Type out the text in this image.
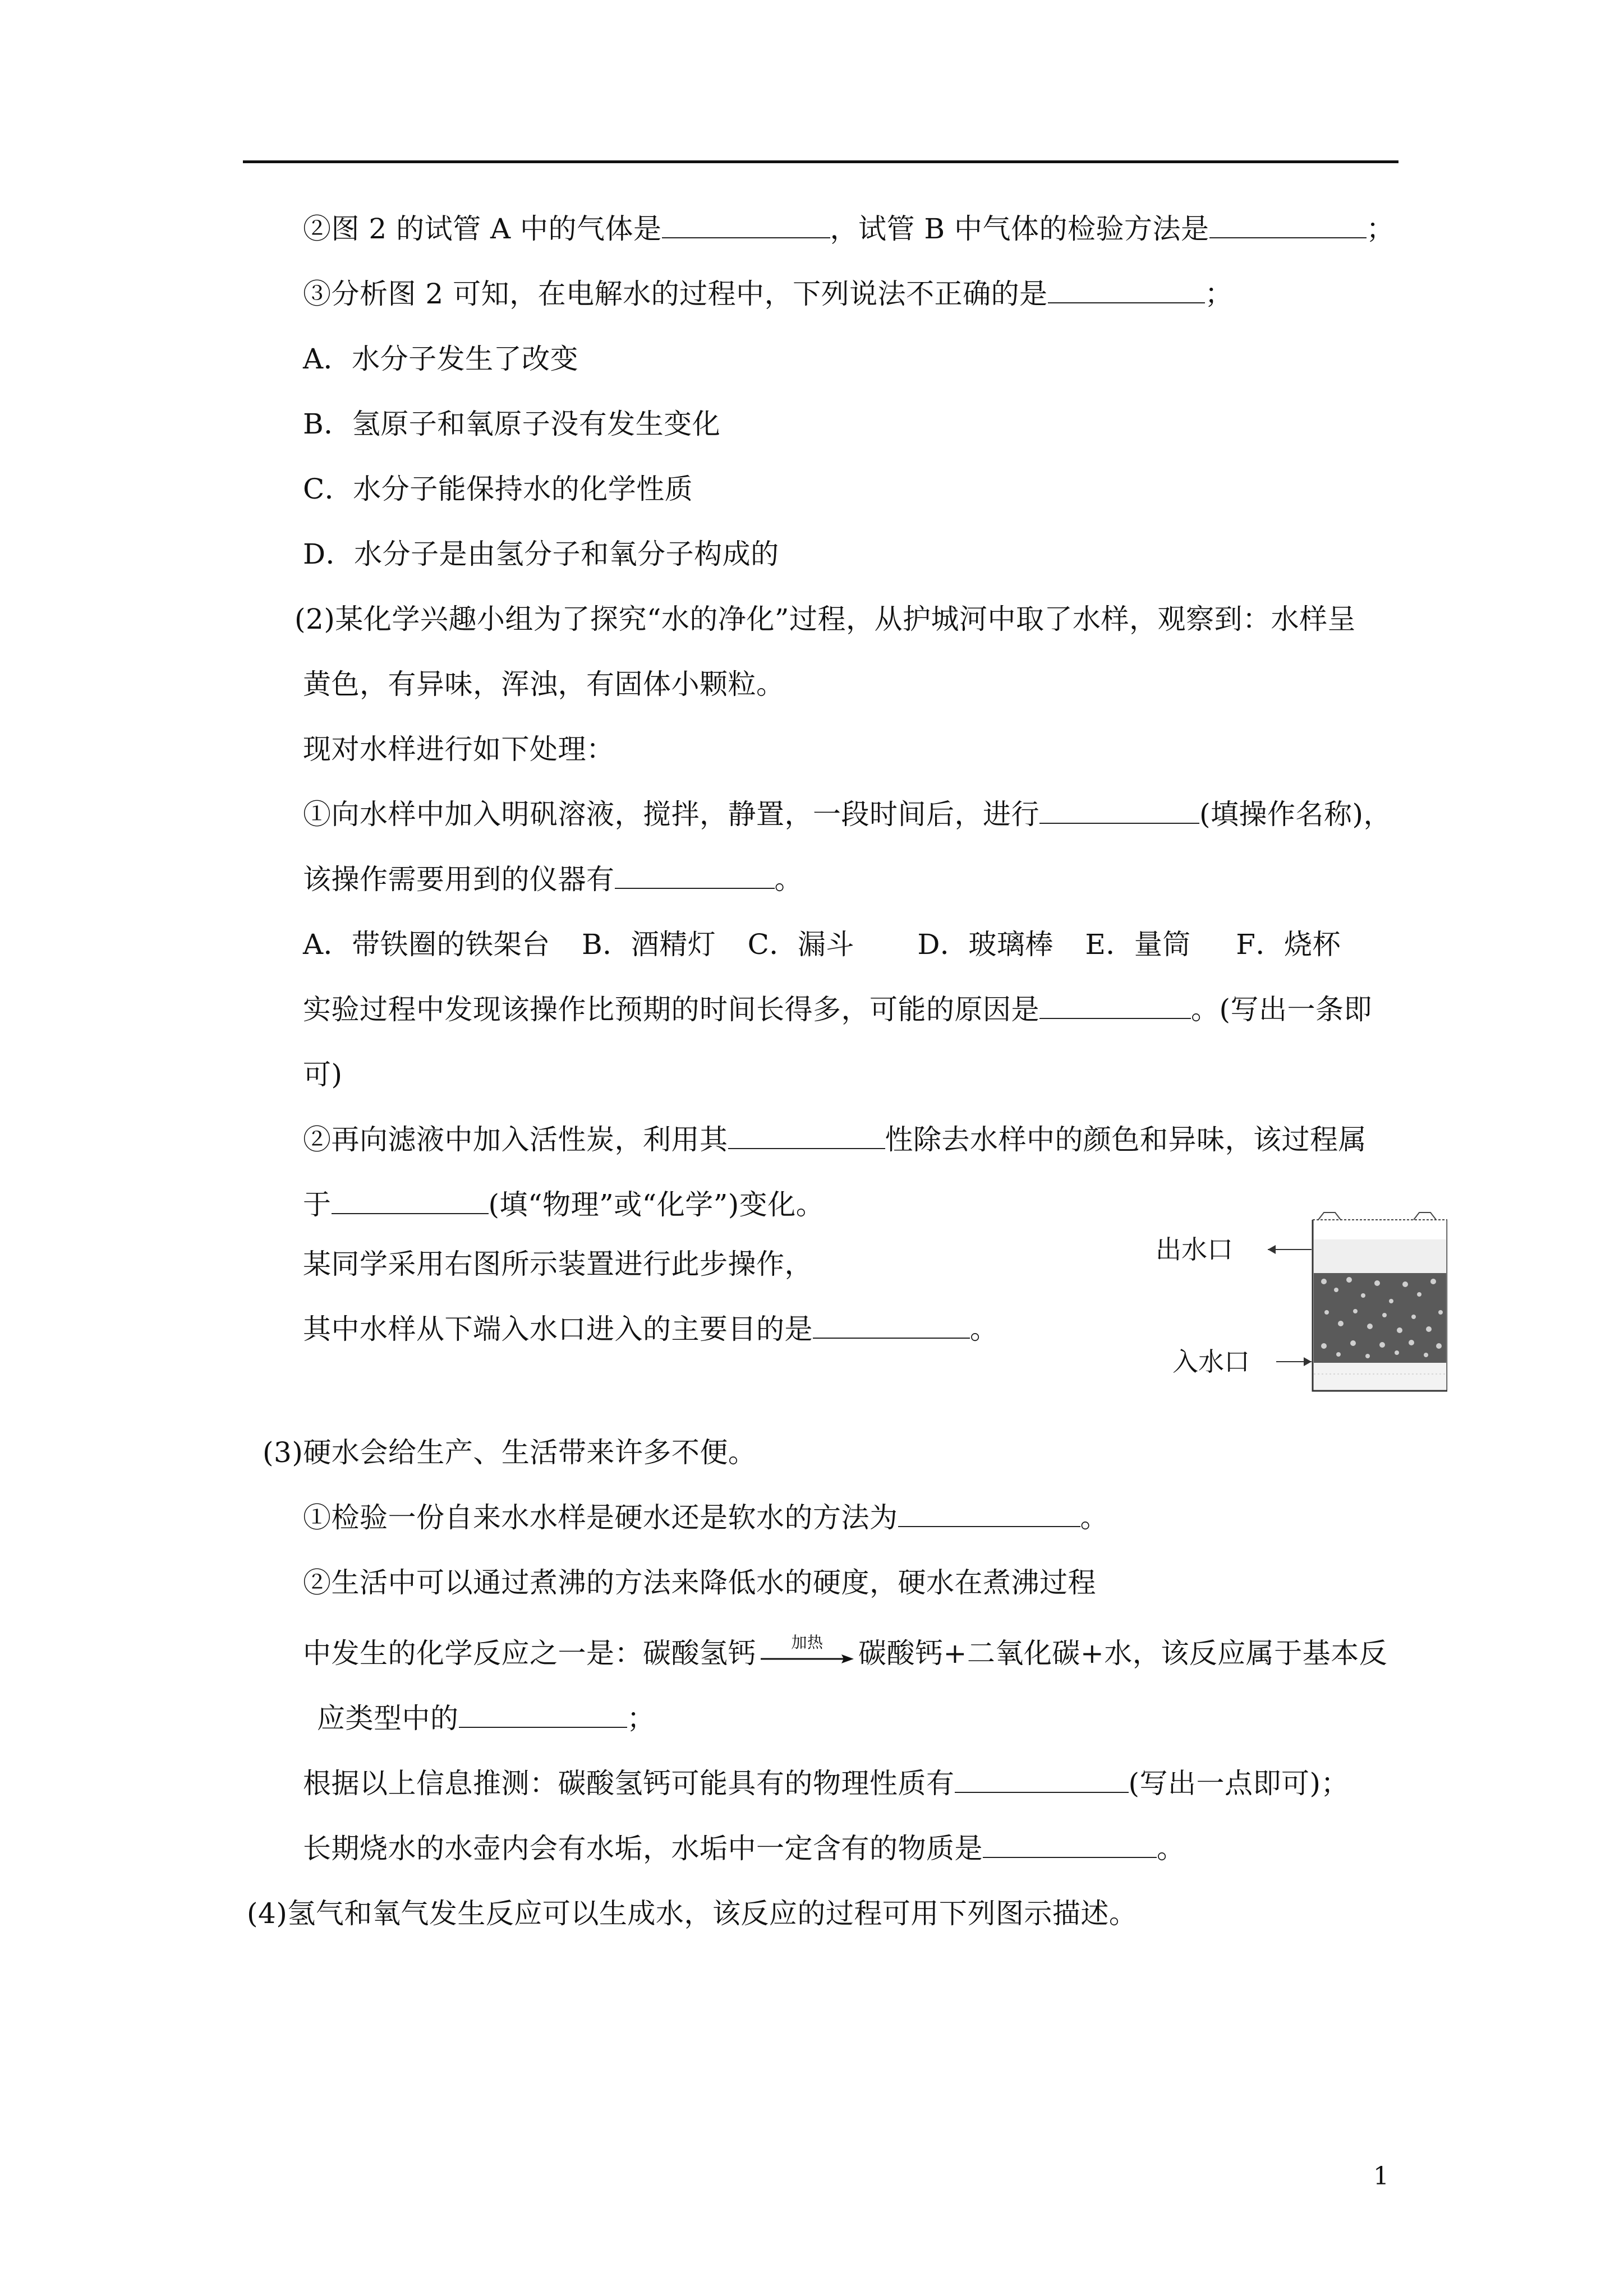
②图 2 的试管 A 中的气体是	，试管 B 中气体的检验方法是	；
③分析图 2 可知，在电解水的过程中，下列说法不正确的是	；
A．水分子发生了改变
B．氢原子和氧原子没有发生变化
C．水分子能保持水的化学性质
D．水分子是由氢分子和氧分子构成的
(2)某化学兴趣小组为了探究“水的净化”过程，从护城河中取了水样，观察到：水样呈
黄色，有异味，浑浊，有固体小颗粒。
现对水样进行如下处理：
①向水样中加入明矾溶液，搅拌，静置，一段时间后，进行	(填操作名称)，
该操作需要用到的仪器有	。
A．带铁圈的铁架台 B．酒精灯 C．漏斗 D．玻璃棒 E．量筒 F．烧杯
实验过程中发现该操作比预期的时间长得多，可能的原因是	。(写出一条即
可)
②再向滤液中加入活性炭，利用其	性除去水样中的颜色和异味，该过程属
于	(填“物理”或“化学”)变化。
某同学采用右图所示装置进行此步操作，
其中水样从下端入水口进入的主要目的是	。
出水口
入水口
(3)硬水会给生产、生活带来许多不便。
①检验一份自来水水样是硬水还是软水的方法为	。
②生活中可以通过煮沸的方法来降低水的硬度，硬水在煮沸过程
中发生的化学反应之一是：碳酸氢钙	加热	碳酸钙+二氧化碳+水，该反应属于基本反
应类型中的	；
根据以上信息推测：碳酸氢钙可能具有的物理性质有	(写出一点即可)；
长期烧水的水壶内会有水垢，水垢中一定含有的物质是	。
(4)氢气和氧气发生反应可以生成水，该反应的过程可用下列图示描述。
1
